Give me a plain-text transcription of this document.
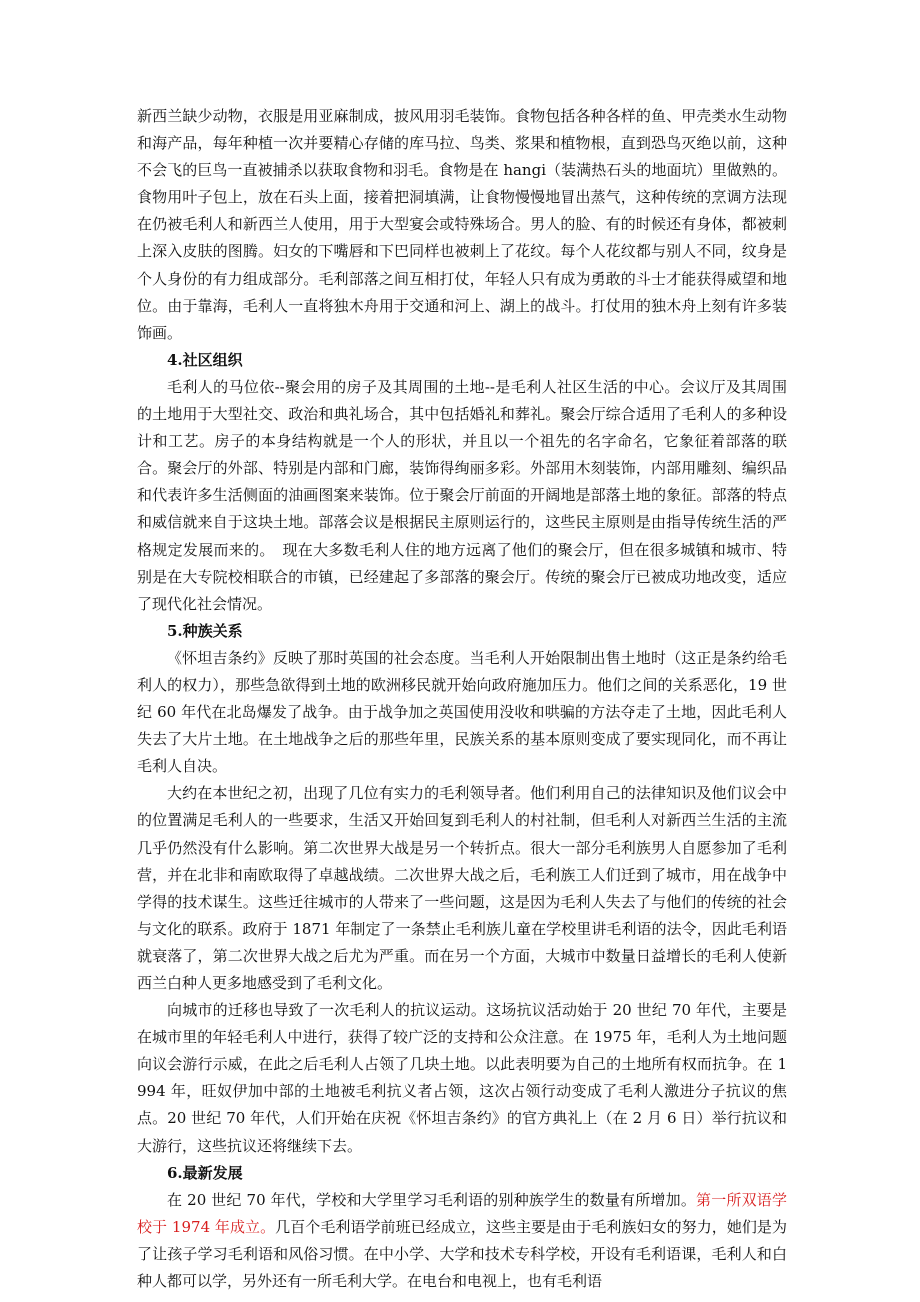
新西兰缺少动物，衣服是用亚麻制成，披风用羽毛装饰。食物包括各种各样的鱼、甲壳类水生动物和海产品，每年种植一次并要精心存储的库马拉、鸟类、浆果和植物根，直到恐鸟灭绝以前，这种不会飞的巨鸟一直被捕杀以获取食物和羽毛。食物是在 hangi（装满热石头的地面坑）里做熟的。食物用叶子包上，放在石头上面，接着把洞填满，让食物慢慢地冒出蒸气，这种传统的烹调方法现在仍被毛利人和新西兰人使用，用于大型宴会或特殊场合。男人的脸、有的时候还有身体，都被刺上深入皮肤的图腾。妇女的下嘴唇和下巴同样也被刺上了花纹。每个人花纹都与别人不同，纹身是个人身份的有力组成部分。毛利部落之间互相打仗，年轻人只有成为勇敢的斗士才能获得威望和地位。由于靠海，毛利人一直将独木舟用于交通和河上、湖上的战斗。打仗用的独木舟上刻有许多装饰画。

4.社区组织

毛利人的马位依--聚会用的房子及其周围的土地--是毛利人社区生活的中心。会议厅及其周围的土地用于大型社交、政治和典礼场合，其中包括婚礼和葬礼。聚会厅综合适用了毛利人的多种设计和工艺。房子的本身结构就是一个人的形状，并且以一个祖先的名字命名，它象征着部落的联合。聚会厅的外部、特别是内部和门廊，装饰得绚丽多彩。外部用木刻装饰，内部用雕刻、编织品和代表许多生活侧面的油画图案来装饰。位于聚会厅前面的开阔地是部落土地的象征。部落的特点和威信就来自于这块土地。部落会议是根据民主原则运行的，这些民主原则是由指导传统生活的严格规定发展而来的。　现在大多数毛利人住的地方远离了他们的聚会厅，但在很多城镇和城市、特别是在大专院校相联合的市镇，已经建起了多部落的聚会厅。传统的聚会厅已被成功地改变，适应了现代化社会情况。

5.种族关系

《怀坦吉条约》反映了那时英国的社会态度。当毛利人开始限制出售土地时（这正是条约给毛利人的权力），那些急欲得到土地的欧洲移民就开始向政府施加压力。他们之间的关系恶化，19 世纪 60 年代在北岛爆发了战争。由于战争加之英国使用没收和哄骗的方法夺走了土地，因此毛利人失去了大片土地。在土地战争之后的那些年里，民族关系的基本原则变成了要实现同化，而不再让毛利人自决。

大约在本世纪之初，出现了几位有实力的毛利领导者。他们利用自己的法律知识及他们议会中的位置满足毛利人的一些要求，生活又开始回复到毛利人的村社制，但毛利人对新西兰生活的主流几乎仍然没有什么影响。第二次世界大战是另一个转折点。很大一部分毛利族男人自愿参加了毛利营，并在北非和南欧取得了卓越战绩。二次世界大战之后，毛利族工人们迁到了城市，用在战争中学得的技术谋生。这些迁往城市的人带来了一些问题，这是因为毛利人失去了与他们的传统的社会与文化的联系。政府于 1871 年制定了一条禁止毛利族儿童在学校里讲毛利语的法令，因此毛利语就衰落了，第二次世界大战之后尤为严重。而在另一个方面，大城市中数量日益增长的毛利人使新西兰白种人更多地感受到了毛利文化。

向城市的迁移也导致了一次毛利人的抗议运动。这场抗议活动始于 20 世纪 70 年代，主要是在城市里的年轻毛利人中进行，获得了较广泛的支持和公众注意。在 1975 年，毛利人为土地问题向议会游行示威，在此之后毛利人占领了几块土地。以此表明要为自己的土地所有权而抗争。在 1994 年，旺奴伊加中部的土地被毛利抗义者占领，这次占领行动变成了毛利人激进分子抗议的焦点。20 世纪 70 年代，人们开始在庆祝《怀坦吉条约》的官方典礼上（在 2 月 6 日）举行抗议和大游行，这些抗议还将继续下去。

6.最新发展

在 20 世纪 70 年代，学校和大学里学习毛利语的别种族学生的数量有所增加。第一所双语学校于 1974 年成立。几百个毛利语学前班已经成立，这些主要是由于毛利族妇女的努力，她们是为了让孩子学习毛利语和风俗习惯。在中小学、大学和技术专科学校，开设有毛利语课，毛利人和白种人都可以学，另外还有一所毛利大学。在电台和电视上，也有毛利语
